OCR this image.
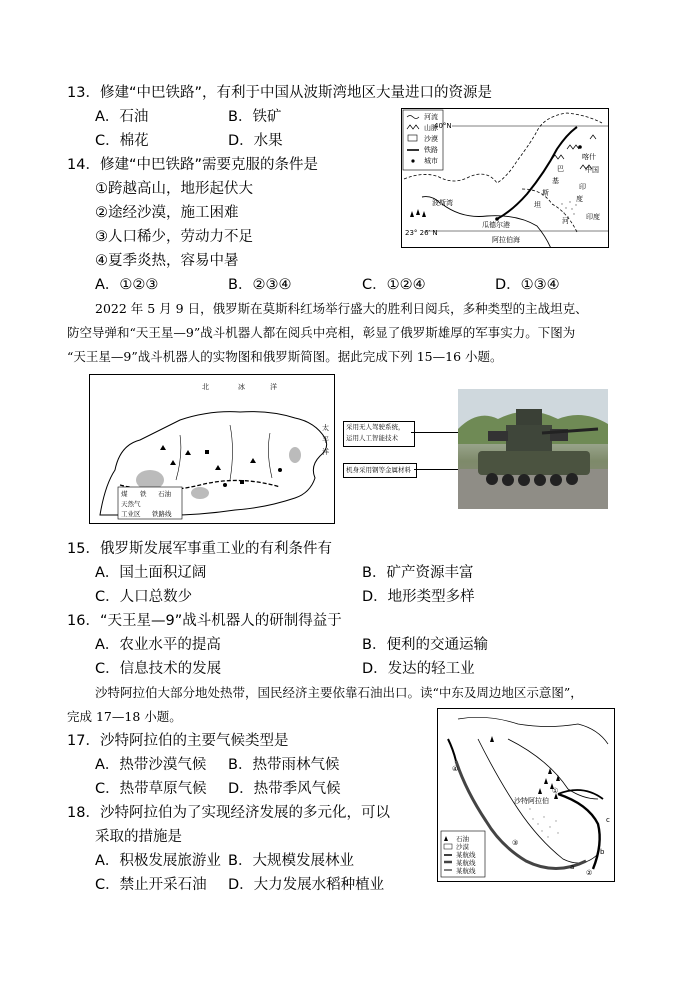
13．修建“中巴铁路”，有利于中国从波斯湾地区大量进口的资源是
A．石油	B．铁矿
C．棉花	D．水果
14．修建“中巴铁路”需要克服的条件是
①跨越高山，地形起伏大
②途经沙漠，施工困难
③人口稀少，劳动力不足
④夏季炎热，容易中暑
A．①②③	B．②③④	C．①②④	D．①③④
河流
山脉
沙漠
铁路
城市
40°N
23° 26′ N
喀什
中国
印度
阿拉伯海
瓜德尔港
波斯湾
巴
基
斯
坦
印
度
河
2022 年 5 月 9 日，俄罗斯在莫斯科红场举行盛大的胜利日阅兵，多种类型的主战坦克、
防空导弹和“天王星—9”战斗机器人都在阅兵中亮相，彰显了俄罗斯雄厚的军事实力。下图为
“天王星—9”战斗机器人的实物图和俄罗斯简图。据此完成下列 15—16 小题。
北	冰	洋
太
平
洋
煤 铁 石油
天然气
工业区 铁路线
采用无人驾驶系统，
运用人工智能技术
机身采用钢等金属材料
15．俄罗斯发展军事重工业的有利条件有
A．国土面积辽阔	B．矿产资源丰富
C．人口总数少	D．地形类型多样
16．“天王星—9”战斗机器人的研制得益于
A．农业水平的提高	B．便利的交通运输
C．信息技术的发展	D．发达的轻工业
沙特阿拉伯大部分地处热带，国民经济主要依靠石油出口。读“中东及周边地区示意图”，
完成 17—18 小题。
17．沙特阿拉伯的主要气候类型是
A．热带沙漠气候 B．热带雨林气候
C．热带草原气候 D．热带季风气候
18．沙特阿拉伯为了实现经济发展的多元化，可以
采取的措施是
A．积极发展旅游业 B．大规模发展林业
C．禁止开采石油 D．大力发展水稻种植业
沙特阿拉伯
a
b
c
①
②
③
④
石油
沙漠
某航线
某航线
某航线
